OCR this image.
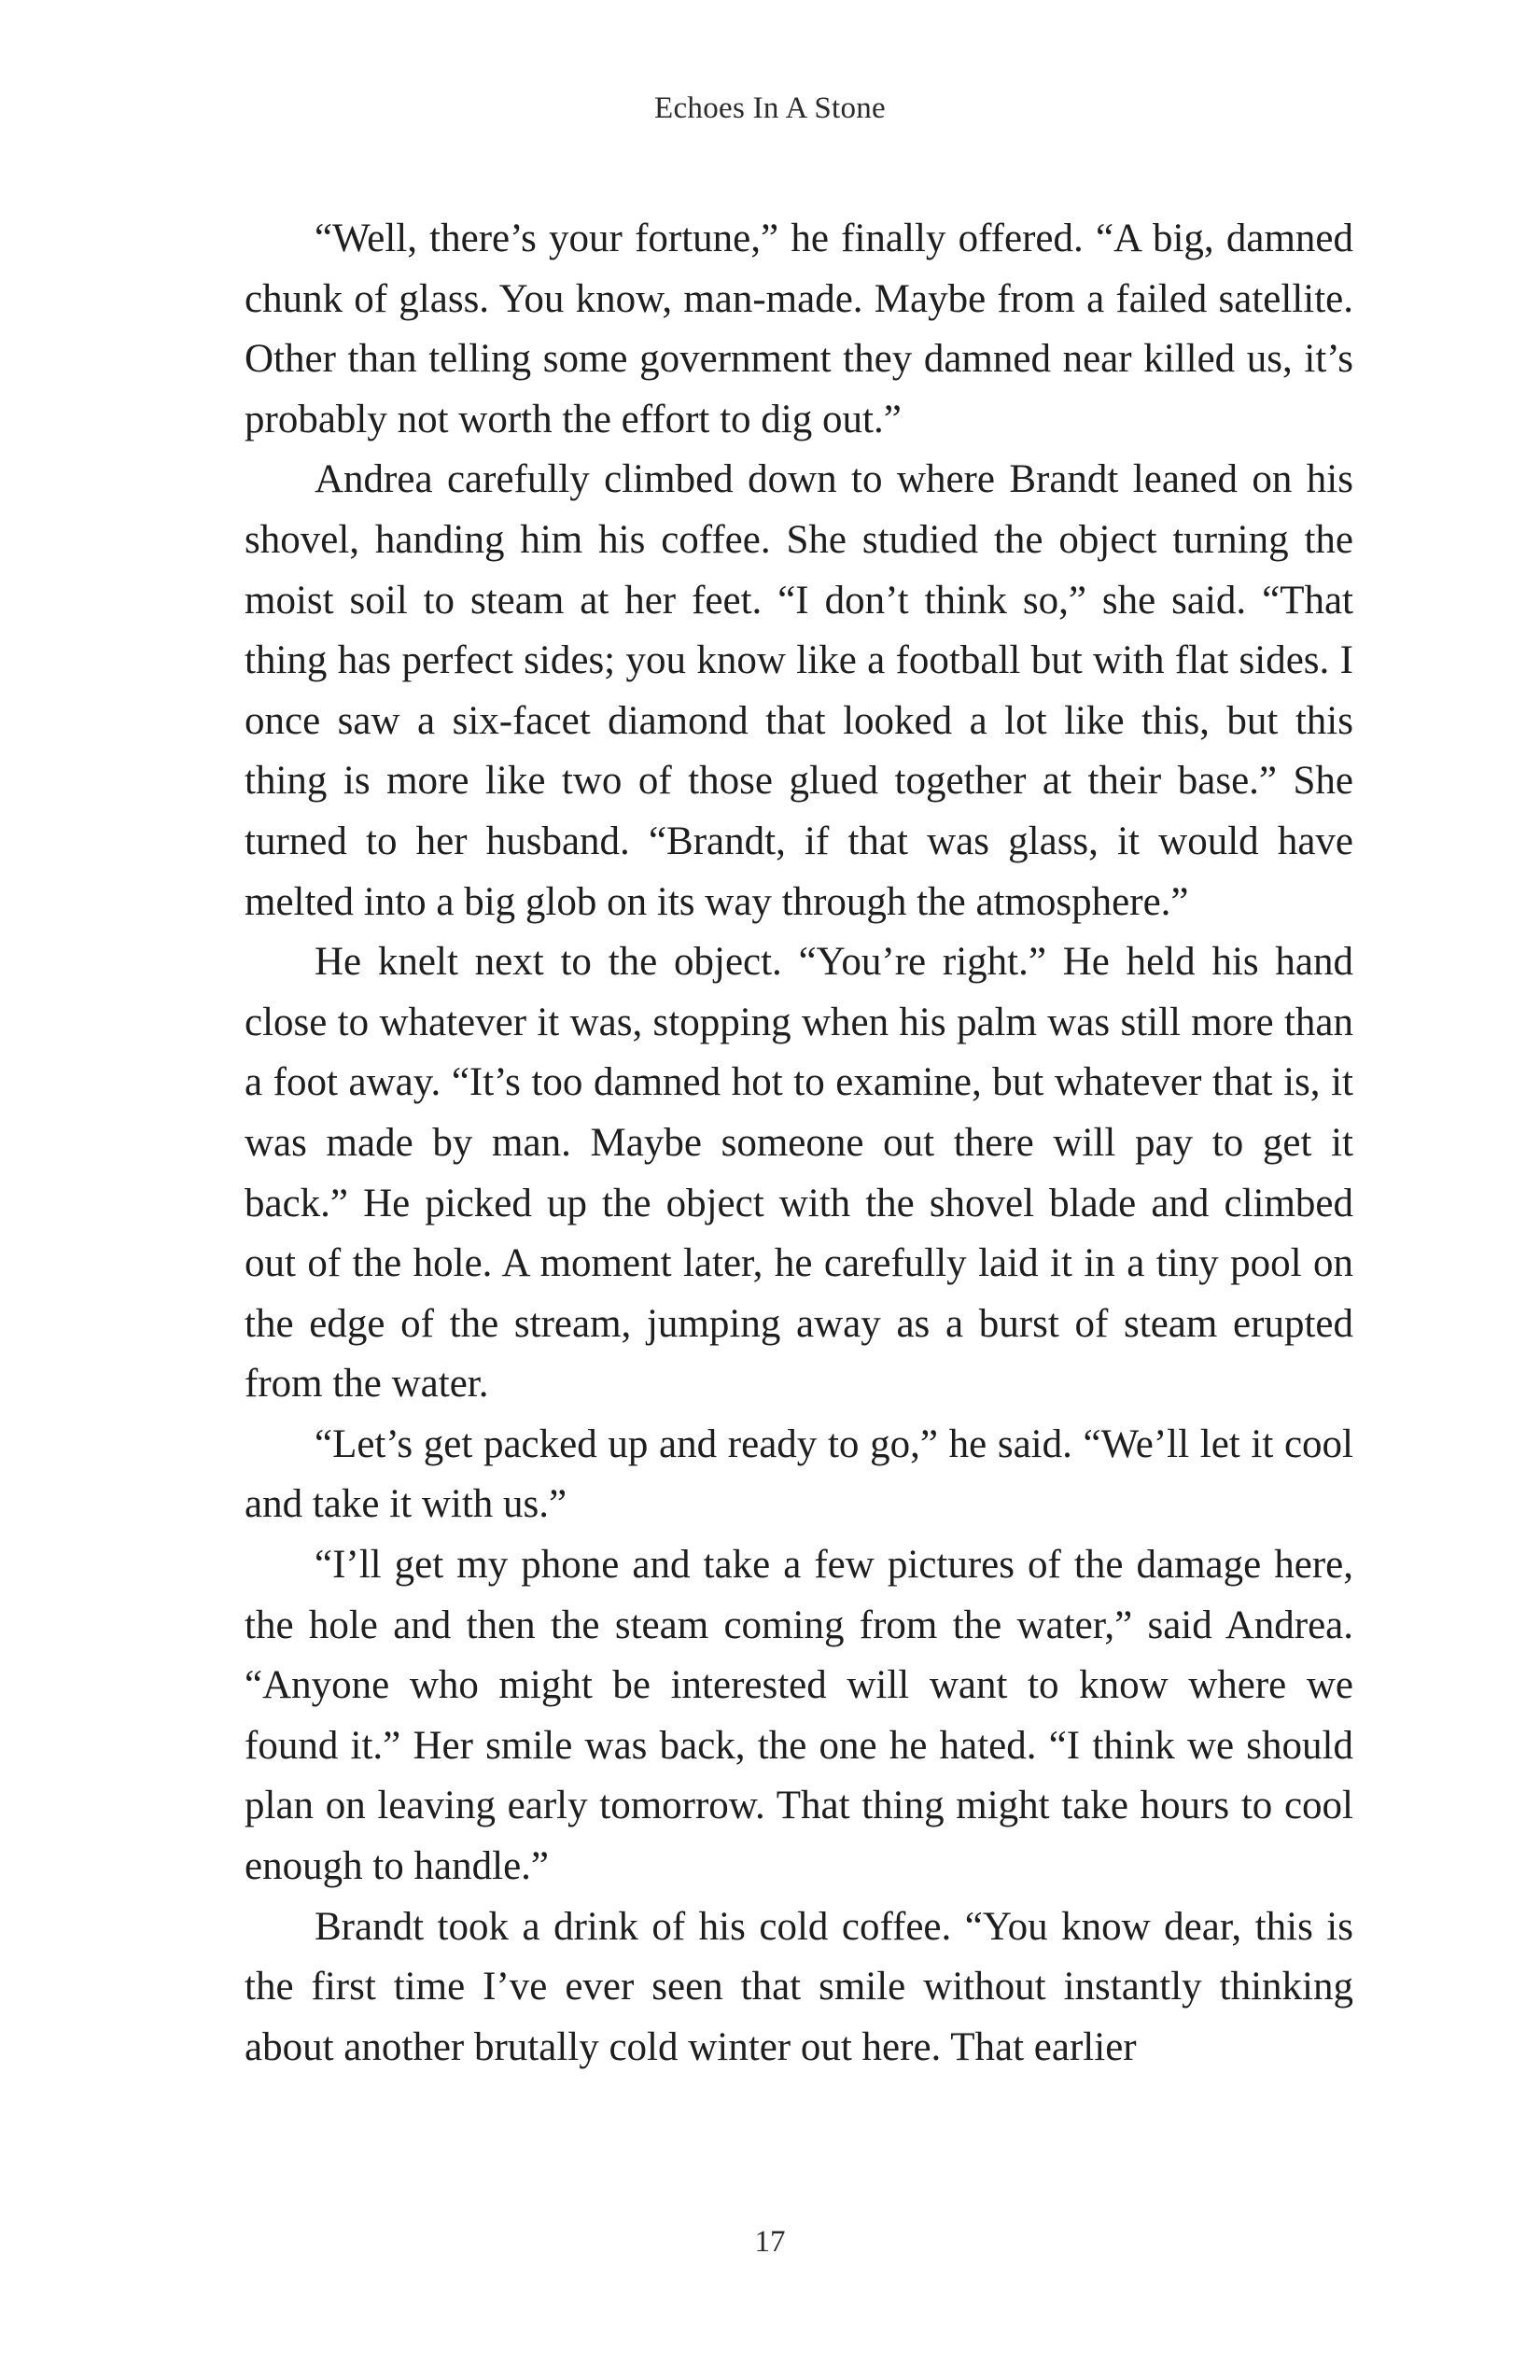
Echoes In A Stone

“Well, there’s your fortune,” he finally offered. “A big, damned chunk of glass. You know, man-made. Maybe from a failed satellite. Other than telling some government they damned near killed us, it’s probably not worth the effort to dig out.”

Andrea carefully climbed down to where Brandt leaned on his shovel, handing him his coffee. She studied the object turning the moist soil to steam at her feet. “I don’t think so,” she said. “That thing has perfect sides; you know like a football but with flat sides. I once saw a six-facet diamond that looked a lot like this, but this thing is more like two of those glued together at their base.” She turned to her husband. “Brandt, if that was glass, it would have melted into a big glob on its way through the atmosphere.”

He knelt next to the object. “You’re right.” He held his hand close to whatever it was, stopping when his palm was still more than a foot away. “It’s too damned hot to examine, but whatever that is, it was made by man. Maybe someone out there will pay to get it back.” He picked up the object with the shovel blade and climbed out of the hole. A moment later, he carefully laid it in a tiny pool on the edge of the stream, jumping away as a burst of steam erupted from the water.

“Let’s get packed up and ready to go,” he said. “We’ll let it cool and take it with us.”

“I’ll get my phone and take a few pictures of the damage here, the hole and then the steam coming from the water,” said Andrea. “Anyone who might be interested will want to know where we found it.” Her smile was back, the one he hated. “I think we should plan on leaving early tomorrow. That thing might take hours to cool enough to handle.”

Brandt took a drink of his cold coffee. “You know dear, this is the first time I’ve ever seen that smile without instantly thinking about another brutally cold winter out here. That earlier

17
